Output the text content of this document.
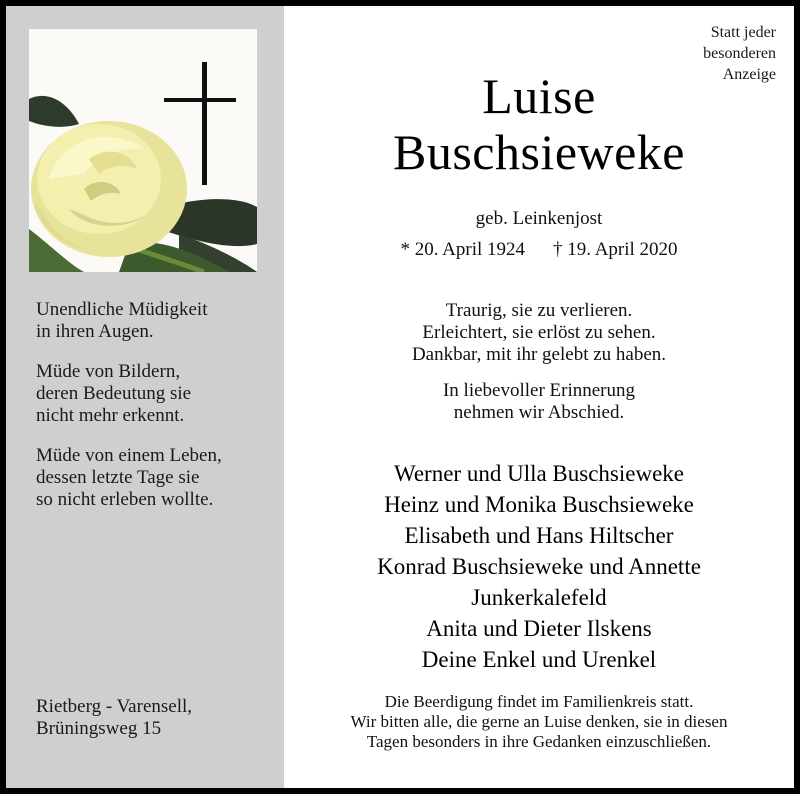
Unendliche Müdigkeit
in ihren Augen.

Müde von Bildern,
deren Bedeutung sie
nicht mehr erkennt.

Müde von einem Leben,
dessen letzte Tage sie
so nicht erleben wollte.

Rietberg - Varensell,
Brüningsweg 15
Luise
Buschsieweke
geb. Leinkenjost
* 20. April 1924 † 19. April 2020
Traurig, sie zu verlieren.
Erleichtert, sie erlöst zu sehen.
Dankbar, mit ihr gelebt zu haben.
In liebevoller Erinnerung
nehmen wir Abschied.
Werner und Ulla Buschsieweke
Heinz und Monika Buschsieweke
Elisabeth und Hans Hiltscher
Konrad Buschsieweke und Annette
Junkerkalefeld
Anita und Dieter Ilskens
Deine Enkel und Urenkel
Die Beerdigung findet im Familienkreis statt.
Wir bitten alle, die gerne an Luise denken, sie in diesen
Tagen besonders in ihre Gedanken einzuschließen.
Statt jeder
besonderen
Anzeige
